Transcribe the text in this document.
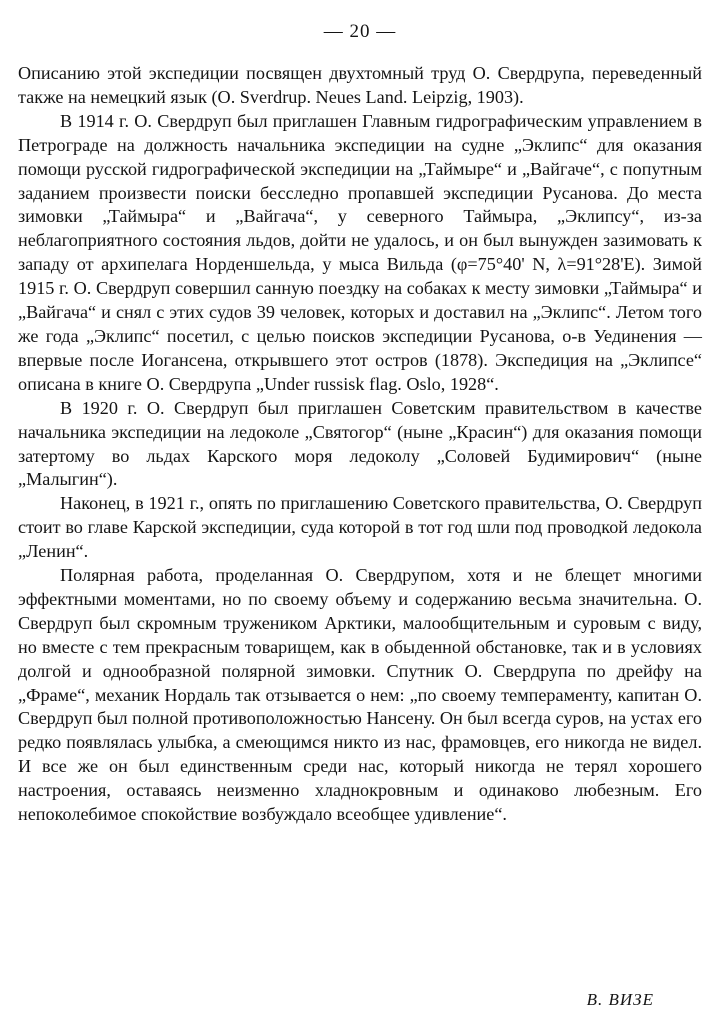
— 20 —

Описанию этой экспедиции посвящен двухтомный труд О. Свердрупа, переведенный также на немецкий язык (O. Sverdrup. Neues Land. Leipzig, 1903).

В 1914 г. О. Свердруп был приглашен Главным гидрографическим управлением в Петрограде на должность начальника экспедиции на судне „Эклипс“ для оказания помощи русской гидрографической экспедиции на „Таймыре“ и „Вайгаче“, с попутным заданием произвести поиски бесследно пропавшей экспедиции Русанова. До места зимовки „Таймыра“ и „Вайгача“, у северного Таймыра, „Эклипсу“, из-за неблагоприятного состояния льдов, дойти не удалось, и он был вынужден зазимовать к западу от архипелага Норденшельда, у мыса Вильда (φ=75°40' N, λ=91°28'E). Зимой 1915 г. О. Свердруп совершил санную поездку на собаках к месту зимовки „Таймыра“ и „Вайгача“ и снял с этих судов 39 человек, которых и доставил на „Эклипс“. Летом того же года „Эклипс“ посетил, с целью поисков экспедиции Русанова, о-в Уединения — впервые после Иогансена, открывшего этот остров (1878). Экспедиция на „Эклипсе“ описана в книге О. Свердрупа „Under russisk flag. Oslo, 1928“.

В 1920 г. О. Свердруп был приглашен Советским правительством в качестве начальника экспедиции на ледоколе „Святогор“ (ныне „Красин“) для оказания помощи затертому во льдах Карского моря ледоколу „Соловей Будимирович“ (ныне „Малыгин“).

Наконец, в 1921 г., опять по приглашению Советского правительства, О. Свердруп стоит во главе Карской экспедиции, суда которой в тот год шли под проводкой ледокола „Ленин“.

Полярная работа, проделанная О. Свердрупом, хотя и не блещет многими эффектными моментами, но по своему объему и содержанию весьма значительна. О. Свердруп был скромным тружеником Арктики, малообщительным и суровым с виду, но вместе с тем прекрасным товарищем, как в обыденной обстановке, так и в условиях долгой и однообразной полярной зимовки. Спутник О. Свердрупа по дрейфу на „Фраме“, механик Нордаль так отзывается о нем: „по своему темпераменту, капитан О. Свердруп был полной противоположностью Нансену. Он был всегда суров, на устах его редко появлялась улыбка, а смеющимся никто из нас, фрамовцев, его никогда не видел. И все же он был единственным среди нас, который никогда не терял хорошего настроения, оставаясь неизменно хладнокровным и одинаково любезным. Его непоколебимое спокойствие возбуждало всеобщее удивление“.

В. ВИЗЕ
